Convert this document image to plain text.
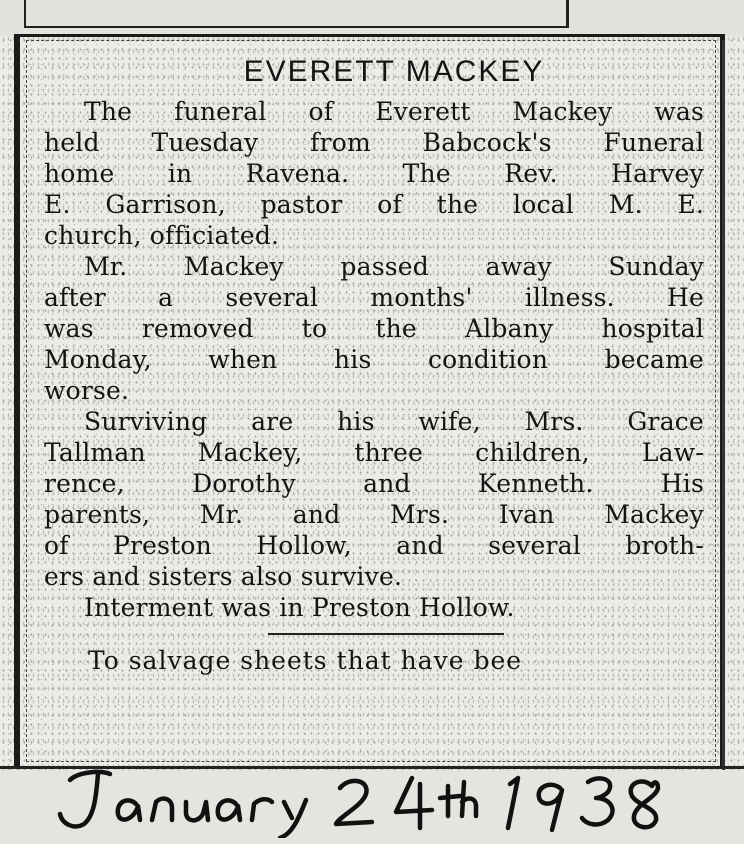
EVERETT MACKEY
The funeral of Everett Mackey was
held Tuesday from Babcock's Funeral
home in Ravena. The Rev. Harvey
E. Garrison, pastor of the local M. E.
church, officiated.
Mr. Mackey passed away Sunday
after a several months' illness. He
was removed to the Albany hospital
Monday, when his condition became
worse.
Surviving are his wife, Mrs. Grace
Tallman Mackey, three children, Law-
rence, Dorothy and Kenneth. His
parents, Mr. and Mrs. Ivan Mackey
of Preston Hollow, and several broth-
ers and sisters also survive.
Interment was in Preston Hollow.
To salvage sheets that have bee
